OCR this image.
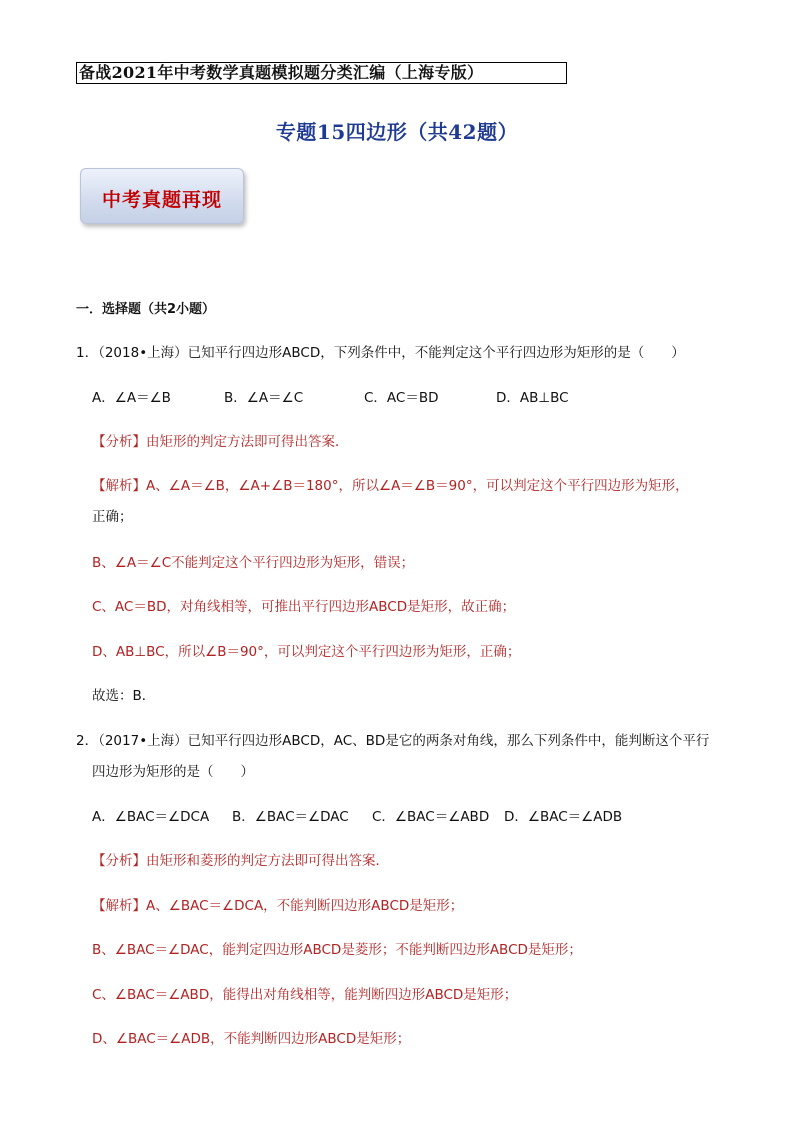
备战2021年中考数学真题模拟题分类汇编（上海专版）
专题15四边形（共42题）
中考真题再现
一．选择题（共2小题）
1．（2018•上海）已知平行四边形ABCD，下列条件中，不能判定这个平行四边形为矩形的是（　　）
A．∠A＝∠B	B．∠A＝∠C	C．AC＝BD	D．AB⊥BC
【分析】由矩形的判定方法即可得出答案．
【解析】A、∠A＝∠B，∠A+∠B＝180°，所以∠A＝∠B＝90°，可以判定这个平行四边形为矩形，
正确；
B、∠A＝∠C不能判定这个平行四边形为矩形，错误；
C、AC＝BD，对角线相等，可推出平行四边形ABCD是矩形，故正确；
D、AB⊥BC，所以∠B＝90°，可以判定这个平行四边形为矩形，正确；
故选：B．
2．（2017•上海）已知平行四边形ABCD，AC、BD是它的两条对角线，那么下列条件中，能判断这个平行
四边形为矩形的是（　　）
A．∠BAC＝∠DCA B．∠BAC＝∠DAC C．∠BAC＝∠ABD D．∠BAC＝∠ADB
【分析】由矩形和菱形的判定方法即可得出答案．
【解析】A、∠BAC＝∠DCA，不能判断四边形ABCD是矩形；
B、∠BAC＝∠DAC，能判定四边形ABCD是菱形；不能判断四边形ABCD是矩形；
C、∠BAC＝∠ABD，能得出对角线相等，能判断四边形ABCD是矩形；
D、∠BAC＝∠ADB，不能判断四边形ABCD是矩形；
